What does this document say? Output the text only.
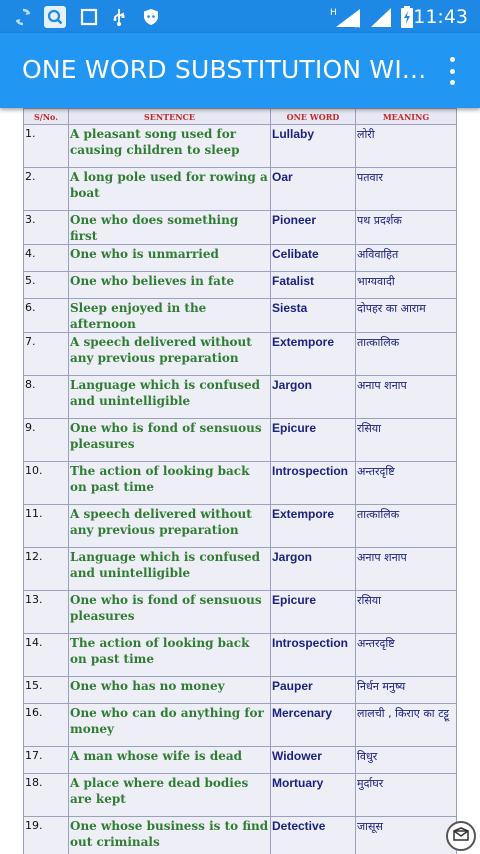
H
R	11:43
ONE WORD SUBSTITUTION WI...
S/No.	SENTENCE	ONE WORD	MEANING
1.	A pleasant song used for causing children to sleep	Lullaby	लोरी
2.	A long pole used for rowing a boat	Oar	पतवार
3.	One who does something first	Pioneer	पथ प्रदर्शक
4.	One who is unmarried	Celibate	अविवाहित
5.	One who believes in fate	Fatalist	भाग्यवादी
6.	Sleep enjoyed in the afternoon	Siesta	दोपहर का आराम
7.	A speech delivered without any previous preparation	Extempore	तात्कालिक
8.	Language which is confused and unintelligible	Jargon	अनाप शनाप
9.	One who is fond of sensuous pleasures	Epicure	रसिया
10.	The action of looking back on past time	Introspection	अन्तरदृष्टि
11.	A speech delivered without any previous preparation	Extempore	तात्कालिक
12.	Language which is confused and unintelligible	Jargon	अनाप शनाप
13.	One who is fond of sensuous pleasures	Epicure	रसिया
14.	The action of looking back on past time	Introspection	अन्तरदृष्टि
15.	One who has no money	Pauper	निर्धन मनुष्य
16.	One who can do anything for money	Mercenary	लालची , किराए का टट्टू
17.	A man whose wife is dead	Widower	विधुर
18.	A place where dead bodies are kept	Mortuary	मुर्दाघर
19.	One whose business is to find out criminals	Detective	जासूस
